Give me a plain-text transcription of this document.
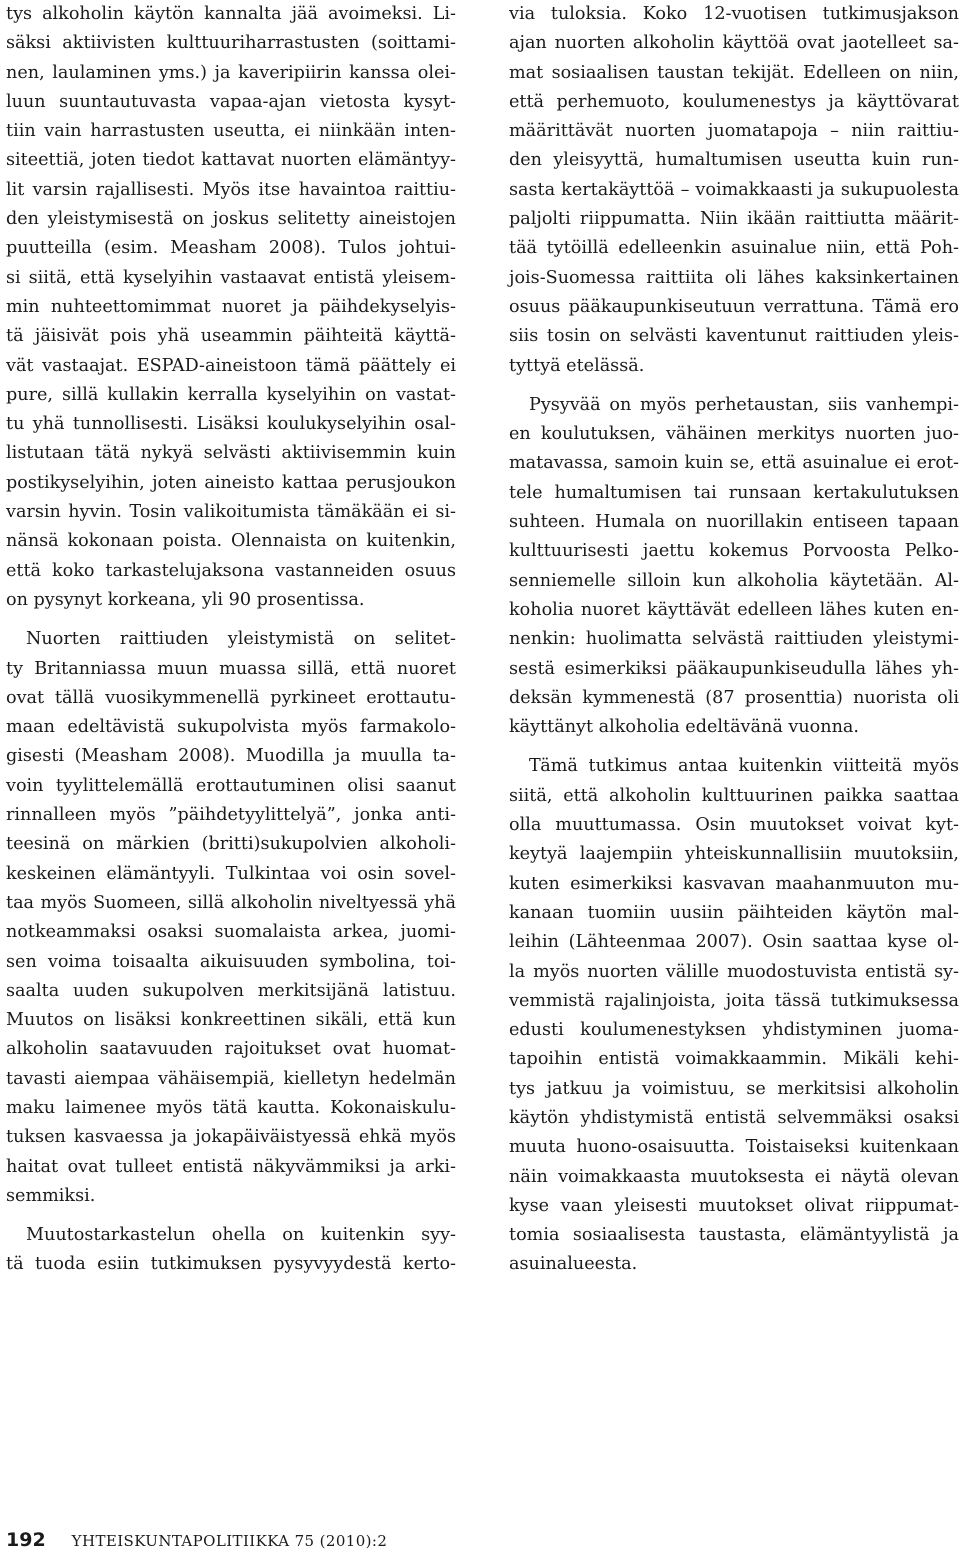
tys alkoholin käytön kannalta jää avoimeksi. Li-
säksi aktiivisten kulttuuriharrastusten (soittami-
nen, laulaminen yms.) ja kaveripiirin kanssa olei-
luun suuntautuvasta vapaa-ajan vietosta kysyt-
tiin vain harrastusten useutta, ei niinkään inten-
siteettiä, joten tiedot kattavat nuorten elämäntyy-
lit varsin rajallisesti. Myös itse havaintoa raittiu-
den yleistymisestä on joskus selitetty aineistojen
puutteilla (esim. Measham 2008). Tulos johtui-
si siitä, että kyselyihin vastaavat entistä yleisem-
min nuhteettomimmat nuoret ja päihdekyselyis-
tä jäisivät pois yhä useammin päihteitä käyttä-
vät vastaajat. ESPAD-aineistoon tämä päättely ei
pure, sillä kullakin kerralla kyselyihin on vastat-
tu yhä tunnollisesti. Lisäksi koulukyselyihin osal-
listutaan tätä nykyä selvästi aktiivisemmin kuin
postikyselyihin, joten aineisto kattaa perusjoukon
varsin hyvin. Tosin valikoitumista tämäkään ei si-
nänsä kokonaan poista. Olennaista on kuitenkin,
että koko tarkastelujaksona vastanneiden osuus
on pysynyt korkeana, yli 90 prosentissa.
Nuorten raittiuden yleistymistä on selitet-
ty Britanniassa muun muassa sillä, että nuoret
ovat tällä vuosikymmenellä pyrkineet erottautu-
maan edeltävistä sukupolvista myös farmakolo-
gisesti (Measham 2008). Muodilla ja muulla ta-
voin tyylittelemällä erottautuminen olisi saanut
rinnalleen myös ”päihdetyylittelyä”, jonka anti-
teesinä on märkien (britti)sukupolvien alkoholi-
keskeinen elämäntyyli. Tulkintaa voi osin sovel-
taa myös Suomeen, sillä alkoholin niveltyessä yhä
notkeammaksi osaksi suomalaista arkea, juomi-
sen voima toisaalta aikuisuuden symbolina, toi-
saalta uuden sukupolven merkitsijänä latistuu.
Muutos on lisäksi konkreettinen sikäli, että kun
alkoholin saatavuuden rajoitukset ovat huomat-
tavasti aiempaa vähäisempiä, kielletyn hedelmän
maku laimenee myös tätä kautta. Kokonaiskulu-
tuksen kasvaessa ja jokapäiväistyessä ehkä myös
haitat ovat tulleet entistä näkyvämmiksi ja arki-
semmiksi.
Muutostarkastelun ohella on kuitenkin syy-
tä tuoda esiin tutkimuksen pysyvyydestä kerto-
via tuloksia. Koko 12-vuotisen tutkimusjakson
ajan nuorten alkoholin käyttöä ovat jaotelleet sa-
mat sosiaalisen taustan tekijät. Edelleen on niin,
että perhemuoto, koulumenestys ja käyttövarat
määrittävät nuorten juomatapoja – niin raittiu-
den yleisyyttä, humaltumisen useutta kuin run-
sasta kertakäyttöä – voimakkaasti ja sukupuolesta
paljolti riippumatta. Niin ikään raittiutta määrit-
tää tytöillä edelleenkin asuinalue niin, että Poh-
jois-Suomessa raittiita oli lähes kaksinkertainen
osuus pääkaupunkiseutuun verrattuna. Tämä ero
siis tosin on selvästi kaventunut raittiuden yleis-
tyttyä etelässä.
Pysyvää on myös perhetaustan, siis vanhempi-
en koulutuksen, vähäinen merkitys nuorten juo-
matavassa, samoin kuin se, että asuinalue ei erot-
tele humaltumisen tai runsaan kertakulutuksen
suhteen. Humala on nuorillakin entiseen tapaan
kulttuurisesti jaettu kokemus Porvoosta Pelko-
senniemelle silloin kun alkoholia käytetään. Al-
koholia nuoret käyttävät edelleen lähes kuten en-
nenkin: huolimatta selvästä raittiuden yleistymi-
sestä esimerkiksi pääkaupunkiseudulla lähes yh-
deksän kymmenestä (87 prosenttia) nuorista oli
käyttänyt alkoholia edeltävänä vuonna.
Tämä tutkimus antaa kuitenkin viitteitä myös
siitä, että alkoholin kulttuurinen paikka saattaa
olla muuttumassa. Osin muutokset voivat kyt-
keytyä laajempiin yhteiskunnallisiin muutoksiin,
kuten esimerkiksi kasvavan maahanmuuton mu-
kanaan tuomiin uusiin päihteiden käytön mal-
leihin (Lähteenmaa 2007). Osin saattaa kyse ol-
la myös nuorten välille muodostuvista entistä sy-
vemmistä rajalinjoista, joita tässä tutkimuksessa
edusti koulumenestyksen yhdistyminen juoma-
tapoihin entistä voimakkaammin. Mikäli kehi-
tys jatkuu ja voimistuu, se merkitsisi alkoholin
käytön yhdistymistä entistä selvemmäksi osaksi
muuta huono-osaisuutta. Toistaiseksi kuitenkaan
näin voimakkaasta muutoksesta ei näytä olevan
kyse vaan yleisesti muutokset olivat riippumat-
tomia sosiaalisesta taustasta, elämäntyylistä ja
asuinalueesta.
192 YHTEISKUNTAPOLITIIKKA 75 (2010):2
